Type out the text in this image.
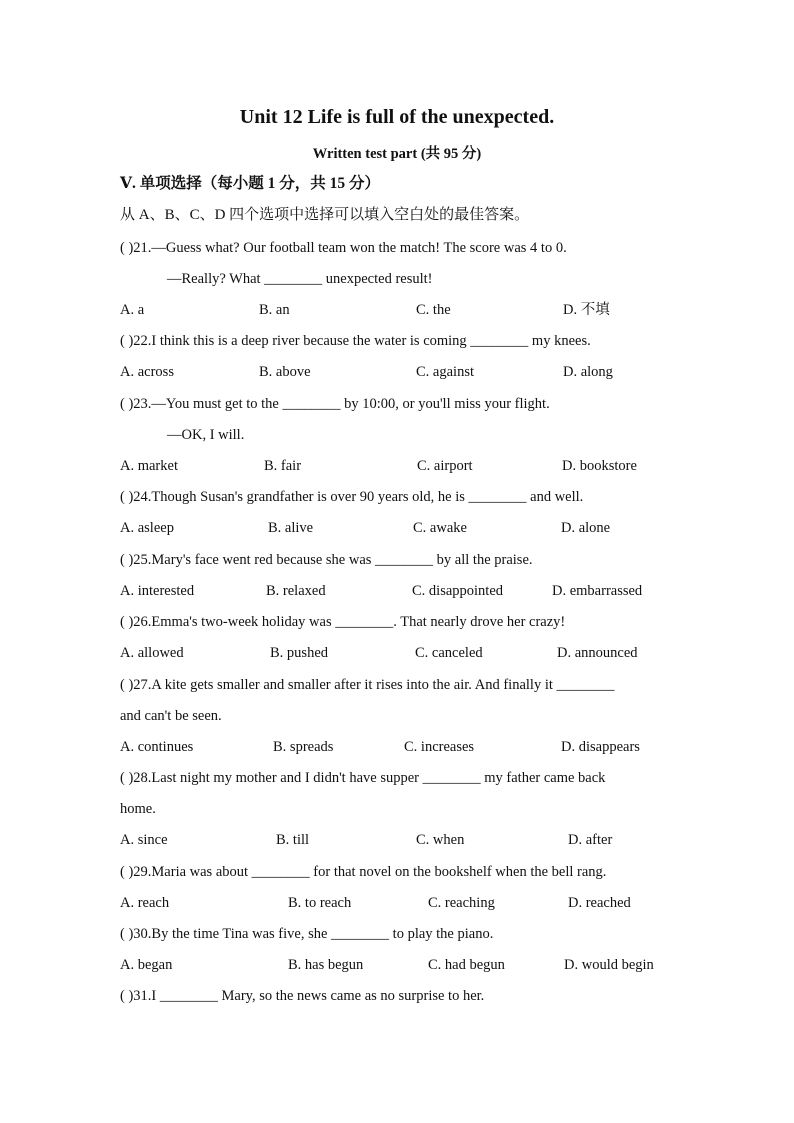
Unit 12 Life is full of the unexpected.
Written test part (共 95 分)
Ⅴ. 单项选择（每小题 1 分，共 15 分）
从 A、B、C、D 四个选项中选择可以填入空白处的最佳答案。
( )21.—Guess what? Our football team won the match! The score was 4 to 0.
—Really? What ________ unexpected result!
A. a	B. an	C. the	D. 不填
( )22.I think this is a deep river because the water is coming ________ my knees.
A. across	B. above	C. against	D. along
( )23.—You must get to the ________ by 10:00, or you'll miss your flight.
—OK, I will.
A. market	B. fair	C. airport	D. bookstore
( )24.Though Susan's grandfather is over 90 years old, he is ________ and well.
A. asleep	B. alive	C. awake	D. alone
( )25.Mary's face went red because she was ________ by all the praise.
A. interested	B. relaxed	C. disappointed	D. embarrassed
( )26.Emma's two-week holiday was ________. That nearly drove her crazy!
A. allowed	B. pushed	C. canceled	D. announced
( )27.A kite gets smaller and smaller after it rises into the air. And finally it ________
and can't be seen.
A. continues	B. spreads	C. increases	D. disappears
( )28.Last night my mother and I didn't have supper ________ my father came back
home.
A. since	B. till	C. when	D. after
( )29.Maria was about ________ for that novel on the bookshelf when the bell rang.
A. reach	B. to reach	C. reaching	D. reached
( )30.By the time Tina was five, she ________ to play the piano.
A. began	B. has begun	C. had begun	D. would begin
( )31.I ________ Mary, so the news came as no surprise to her.
